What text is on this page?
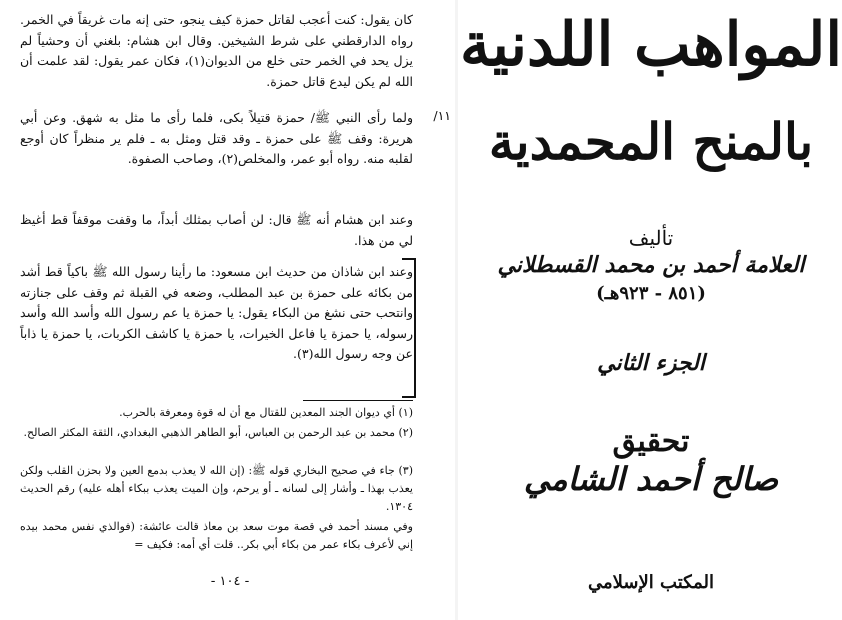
كان يقول: كنت أعجب لقاتل حمزة كيف ينجو، حتى إنه مات غريقاً في الخمر. رواه الدارقطني على شرط الشيخين. وقال ابن هشام: بلغني أن وحشياً لم يزل يحد في الخمر حتى خلع من الديوان(١)، فكان عمر يقول: لقد علمت أن الله لم يكن ليدع قاتل حمزة.
/١١
ولما رأى النبي ﷺ/ حمزة قتيلاً بكى، فلما رأى ما مثل به شهق. وعن أبي هريرة: وقف ﷺ على حمزة ـ وقد قتل ومثل به ـ فلم ير منظراً كان أوجع لقلبه منه. رواه أبو عمر، والمخلص(٢)، وصاحب الصفوة.
وعند ابن هشام أنه ﷺ قال: لن أصاب بمثلك أبداً، ما وقفت موقفاً قط أغيظ لي من هذا.
وعند ابن شاذان من حديث ابن مسعود: ما رأينا رسول الله ﷺ باكياً قط أشد من بكائه على حمزة بن عبد المطلب، وضعه في القبلة ثم وقف على جنازته وانتحب حتى نشغ من البكاء يقول: يا حمزة يا عم رسول الله وأسد الله وأسد رسوله، يا حمزة يا فاعل الخيرات، يا حمزة يا كاشف الكربات، يا حمزة يا ذاباً عن وجه رسول الله(٣).
(١) أي ديوان الجند المعدين للقتال مع أن له قوة ومعرفة بالحرب.
(٢) محمد بن عبد الرحمن بن العباس، أبو الطاهر الذهبي البغدادي، الثقة المكثر الصالح.
(٣) جاء في صحيح البخاري قوله ﷺ: (إن الله لا يعذب بدمع العين ولا بحزن القلب ولكن يعذب بهذا ـ وأشار إلى لسانه ـ أو يرحم، وإن الميت يعذب ببكاء أهله عليه) رقم الحديث ١٣٠٤.
وفي مسند أحمد في قصة موت سعد بن معاذ قالت عائشة: (فوالذي نفس محمد بيده إني لأعرف بكاء عمر من بكاء أبي بكر.. قلت أي أمه: فكيف =
- ١٠٤ -
المواهب اللدنية
بالمنح المحمدية
تأليف
العلامة أحمد بن محمد القسطلاني
(٨٥١ - ٩٢٣هـ)
الجزء الثاني
تحقيق
صالح أحمد الشامي
المكتب الإسلامي
